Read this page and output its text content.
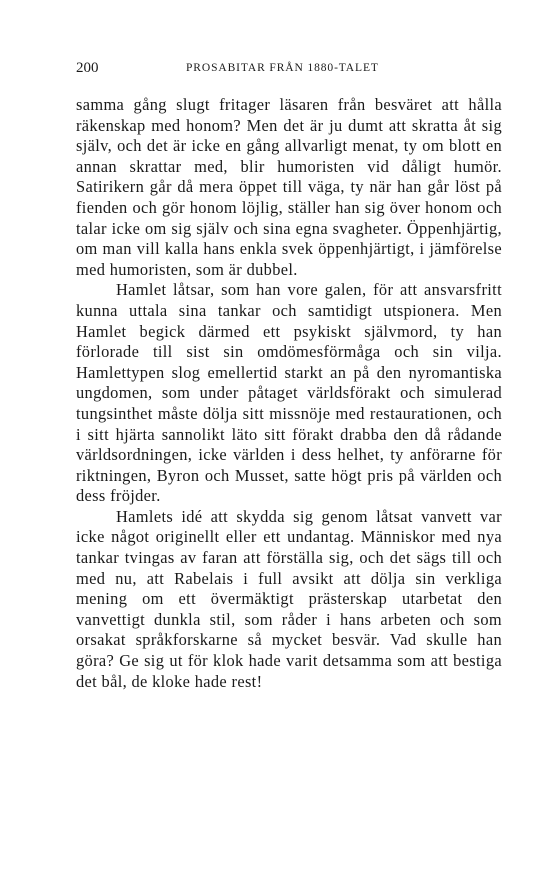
200	PROSABITAR FRÅN 1880-TALET

samma gång slugt fritager läsaren från besväret att hålla räkenskap med honom? Men det är ju dumt att skratta åt sig själv, och det är icke en gång allvarligt menat, ty om blott en annan skrattar med, blir humoristen vid dåligt humör. Satirikern går då mera öppet till väga, ty när han går löst på fienden och gör honom löjlig, ställer han sig över honom och talar icke om sig själv och sina egna svagheter. Öppenhjärtig, om man vill kalla hans enkla svek öppenhjärtigt, i jämförelse med humoristen, som är dubbel.

Hamlet låtsar, som han vore galen, för att ansvarsfritt kunna uttala sina tankar och samtidigt utspionera. Men Hamlet begick därmed ett psykiskt självmord, ty han förlorade till sist sin omdömesförmåga och sin vilja. Hamlettypen slog emellertid starkt an på den nyromantiska ungdomen, som under påtaget världsförakt och simulerad tungsinthet måste dölja sitt missnöje med restaurationen, och i sitt hjärta sannolikt läto sitt förakt drabba den då rådande världsordningen, icke världen i dess helhet, ty anförarne för riktningen, Byron och Musset, satte högt pris på världen och dess fröjder.

Hamlets idé att skydda sig genom låtsat vanvett var icke något originellt eller ett undantag. Människor med nya tankar tvingas av faran att förställa sig, och det sägs till och med nu, att Rabelais i full avsikt att dölja sin verkliga mening om ett övermäktigt prästerskap utarbetat den vanvettigt dunkla stil, som råder i hans arbeten och som orsakat språkforskarne så mycket besvär. Vad skulle han göra? Ge sig ut för klok hade varit detsamma som att bestiga det bål, de kloke hade rest!
